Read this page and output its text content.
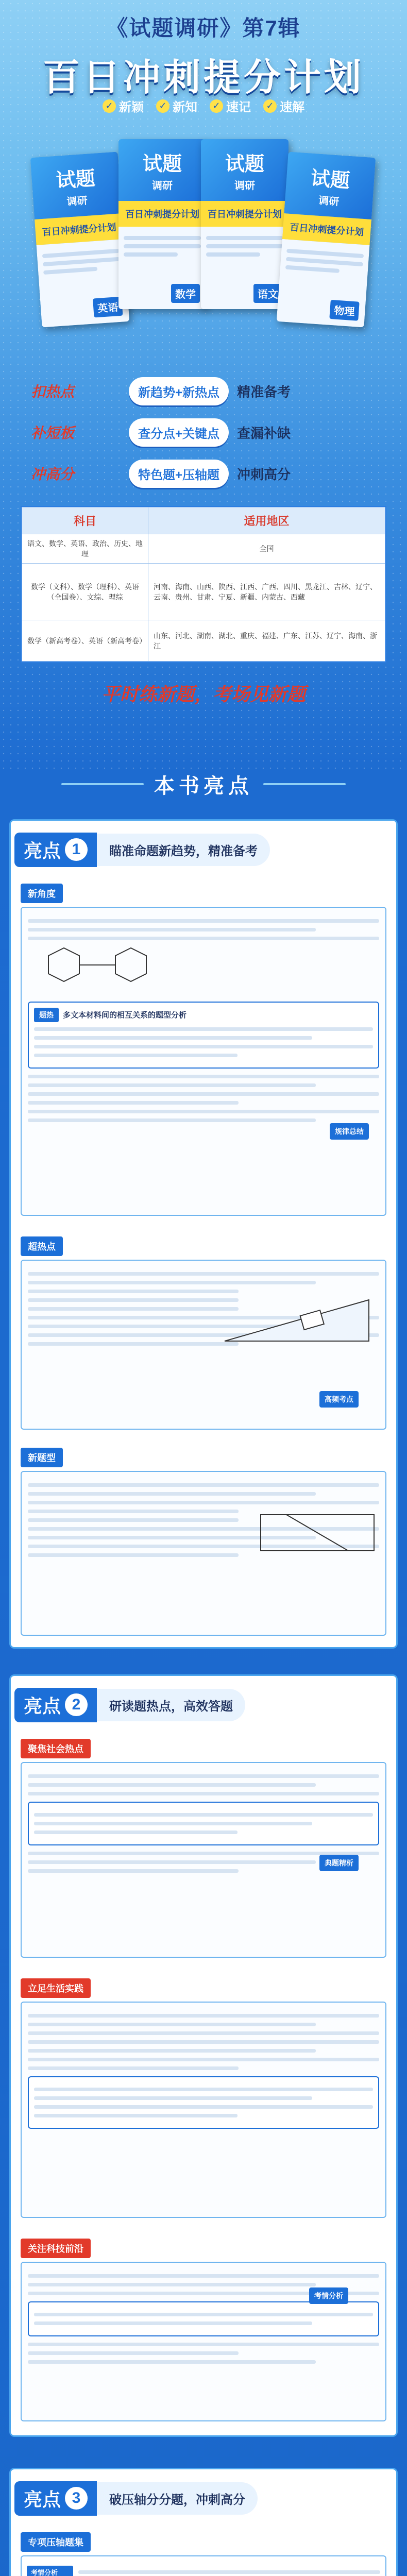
《试题调研》第7辑
百日冲刺提分计划
✓ 新颖	✓ 新知	✓ 速记	✓ 速解
试题
调研
百日冲刺提分计划
英语
试题
调研
百日冲刺提分计划
数学
试题
调研
百日冲刺提分计划
语文
试题
调研
百日冲刺提分计划
物理
扣热点	新趋势+新热点	精准备考
补短板	查分点+关键点	查漏补缺
冲高分	特色题+压轴题	冲刺高分
科目	适用地区
语文、数学、英语、政治、历史、地理	全国
数学（文科）、数学（理科）、英语（全国卷）、文综、理综	河南、海南、山西、陕西、江西、广西、四川、黑龙江、吉林、辽宁、云南、贵州、甘肃、宁夏、新疆、内蒙古、西藏
数学（新高考卷）、英语（新高考卷）	山东、河北、湖南、湖北、重庆、福建、广东、江苏、辽宁、海南、浙江
平时练新题，考场见新题
本书亮点
亮点 1	瞄准命题新趋势，精准备考
新角度
题热 多文本材料间的相互关系的题型分析
规律总结
超热点
高频考点
新题型
亮点 2	研读题热点，高效答题
聚焦社会热点
典题精析
立足生活实践
关注科技前沿
考情分析
亮点 3	破压轴分分题，冲刺高分
专项压轴题集
考情分析
